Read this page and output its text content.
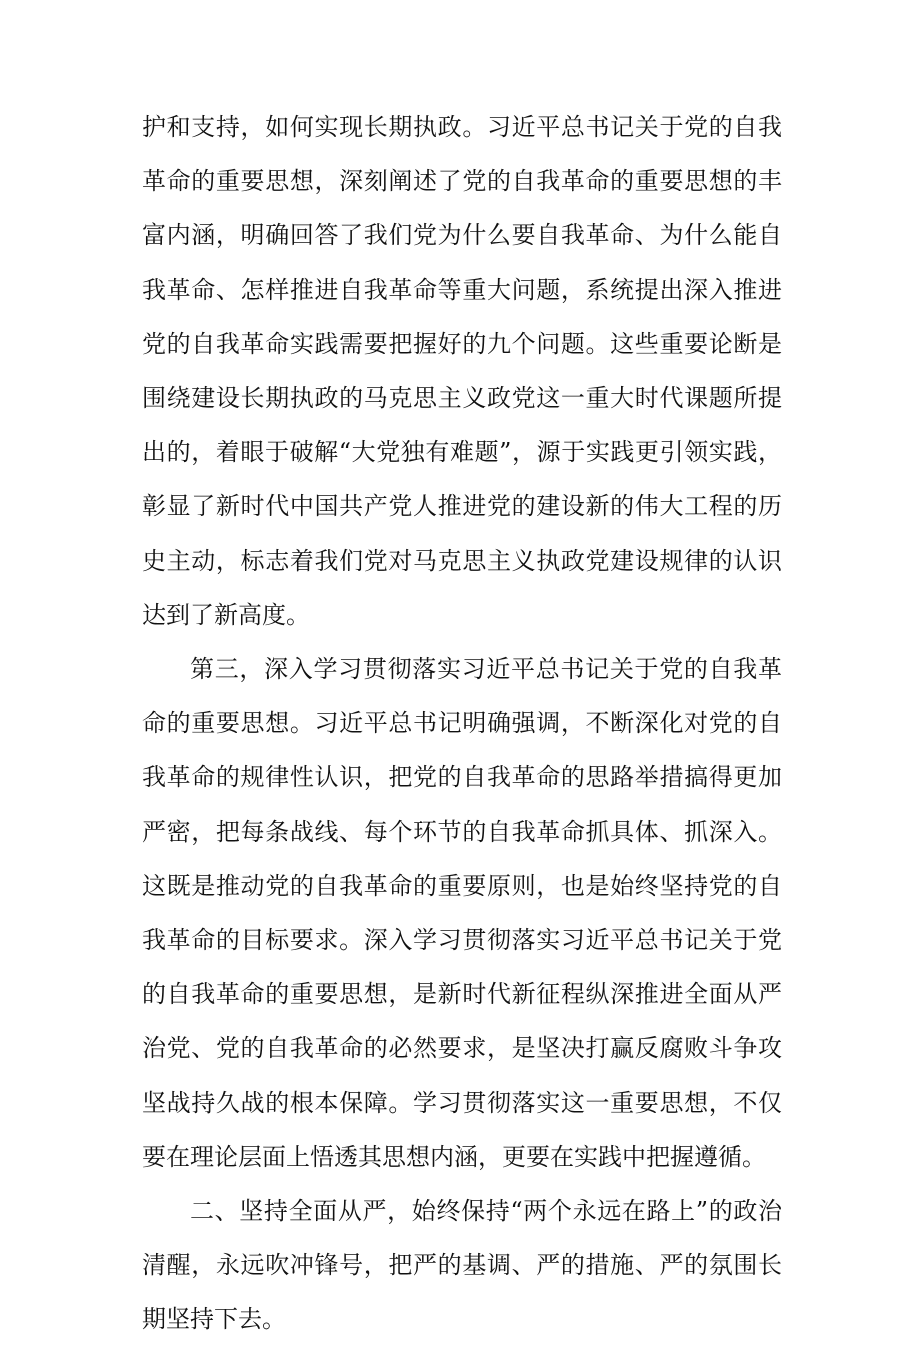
护和支持，如何实现长期执政。习近平总书记关于党的自我革命的重要思想，深刻阐述了党的自我革命的重要思想的丰富内涵，明确回答了我们党为什么要自我革命、为什么能自我革命、怎样推进自我革命等重大问题，系统提出深入推进党的自我革命实践需要把握好的九个问题。这些重要论断是围绕建设长期执政的马克思主义政党这一重大时代课题所提出的，着眼于破解“大党独有难题”，源于实践更引领实践，彰显了新时代中国共产党人推进党的建设新的伟大工程的历史主动，标志着我们党对马克思主义执政党建设规律的认识达到了新高度。

第三，深入学习贯彻落实习近平总书记关于党的自我革命的重要思想。习近平总书记明确强调，不断深化对党的自我革命的规律性认识，把党的自我革命的思路举措搞得更加严密，把每条战线、每个环节的自我革命抓具体、抓深入。这既是推动党的自我革命的重要原则，也是始终坚持党的自我革命的目标要求。深入学习贯彻落实习近平总书记关于党的自我革命的重要思想，是新时代新征程纵深推进全面从严治党、党的自我革命的必然要求，是坚决打赢反腐败斗争攻坚战持久战的根本保障。学习贯彻落实这一重要思想，不仅要在理论层面上悟透其思想内涵，更要在实践中把握遵循。

二、坚持全面从严，始终保持“两个永远在路上”的政治清醒，永远吹冲锋号，把严的基调、严的措施、严的氛围长期坚持下去。
